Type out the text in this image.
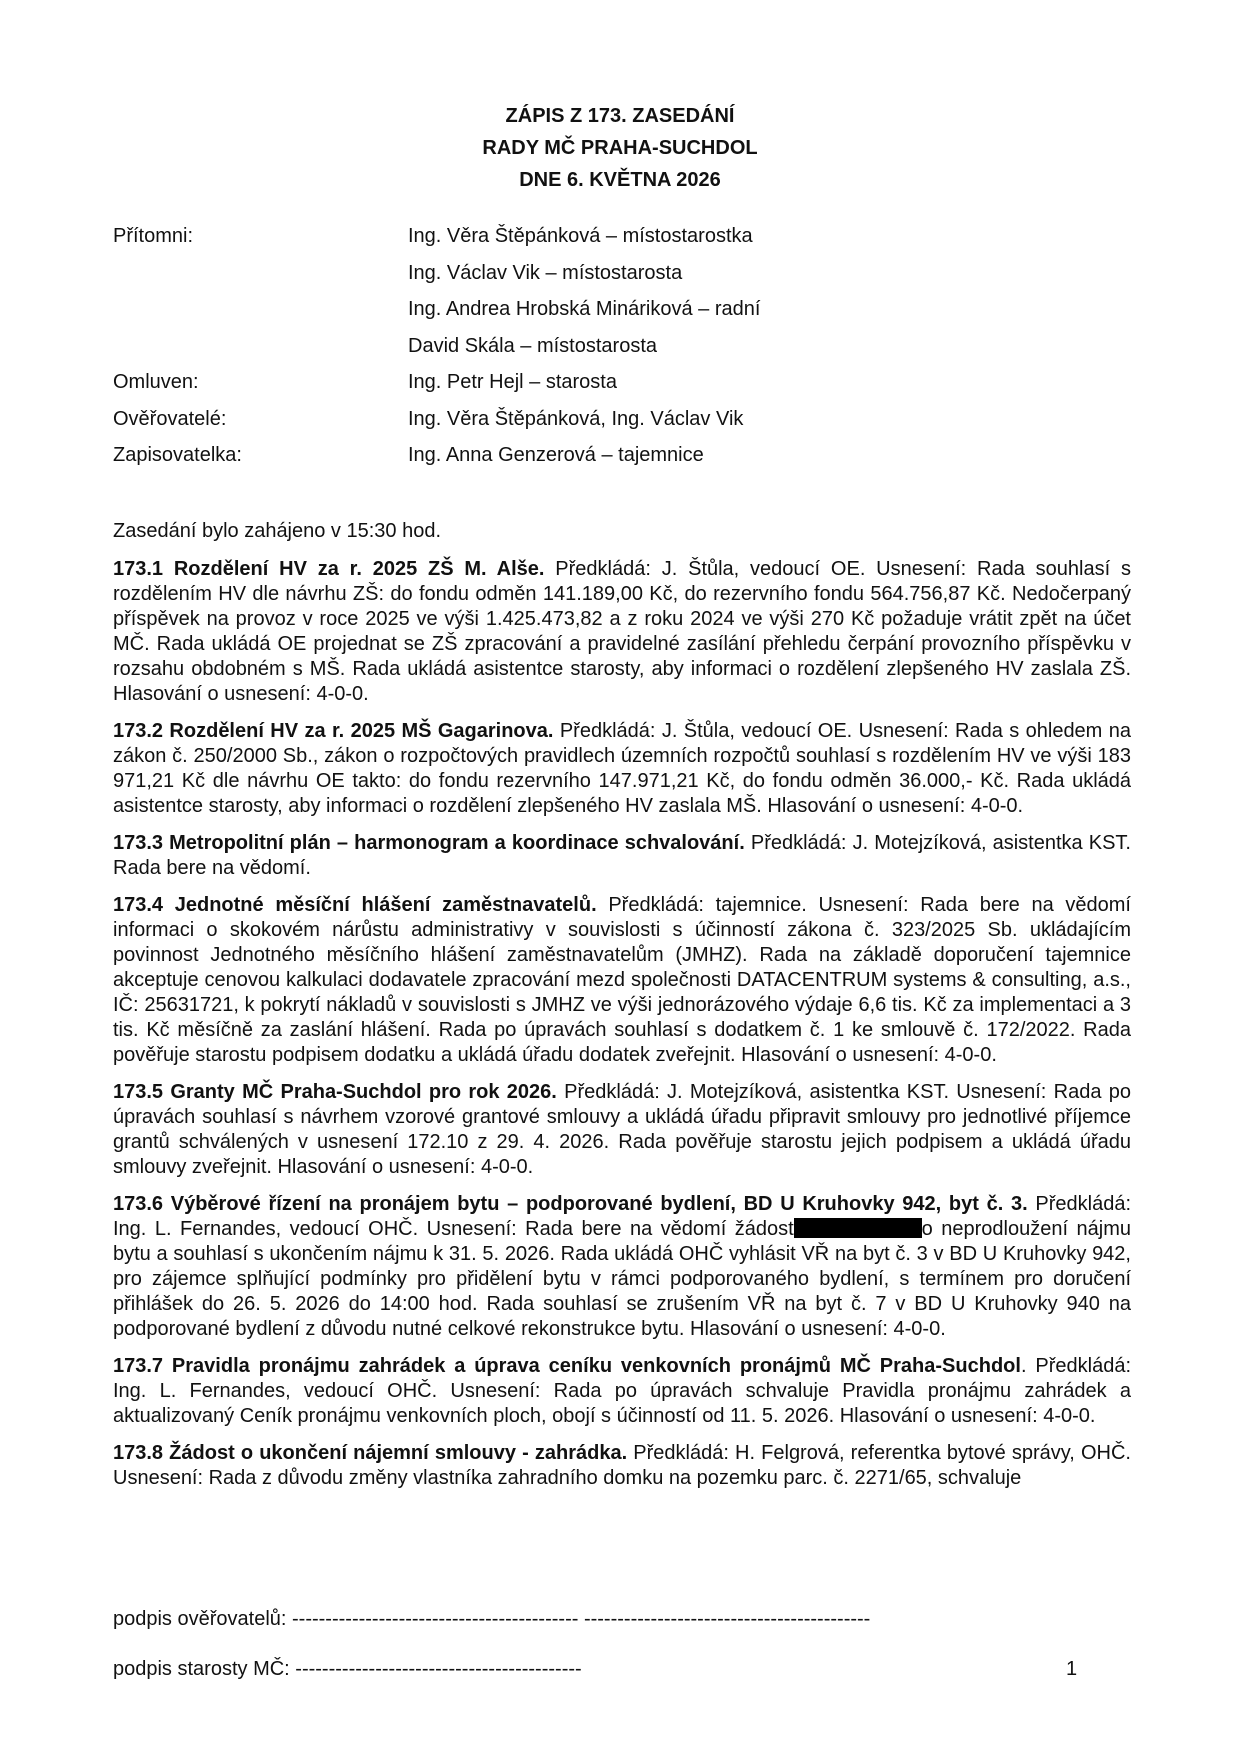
ZÁPIS Z 173. ZASEDÁNÍ
RADY MČ PRAHA-SUCHDOL
DNE 6. KVĚTNA 2026
Přítomni:	Ing. Věra Štěpánková – místostarostka
Ing. Václav Vik – místostarosta
Ing. Andrea Hrobská Mináriková – radní
David Skála – místostarosta
Omluven:	Ing. Petr Hejl – starosta
Ověřovatelé:	Ing. Věra Štěpánková, Ing. Václav Vik
Zapisovatelka:	Ing. Anna Genzerová – tajemnice
Zasedání bylo zahájeno v 15:30 hod.

173.1 Rozdělení HV za r. 2025 ZŠ M. Alše. Předkládá: J. Štůla, vedoucí OE. Usnesení: Rada souhlasí s rozdělením HV dle návrhu ZŠ: do fondu odměn 141.189,00 Kč, do rezervního fondu 564.756,87 Kč. Nedočerpaný příspěvek na provoz v roce 2025 ve výši 1.425.473,82 a z roku 2024 ve výši 270 Kč požaduje vrátit zpět na účet MČ. Rada ukládá OE projednat se ZŠ zpracování a pravidelné zasílání přehledu čerpání provozního příspěvku v rozsahu obdobném s MŠ. Rada ukládá asistentce starosty, aby informaci o rozdělení zlepšeného HV zaslala ZŠ. Hlasování o usnesení: 4-0-0.

173.2 Rozdělení HV za r. 2025 MŠ Gagarinova. Předkládá: J. Štůla, vedoucí OE. Usnesení: Rada s ohledem na zákon č. 250/2000 Sb., zákon o rozpočtových pravidlech územních rozpočtů souhlasí s rozdělením HV ve výši 183 971,21 Kč dle návrhu OE takto: do fondu rezervního 147.971,21 Kč, do fondu odměn 36.000,- Kč. Rada ukládá asistentce starosty, aby informaci o rozdělení zlepšeného HV zaslala MŠ. Hlasování o usnesení: 4-0-0.

173.3 Metropolitní plán – harmonogram a koordinace schvalování. Předkládá: J. Motejzíková, asistentka KST. Rada bere na vědomí.

173.4 Jednotné měsíční hlášení zaměstnavatelů. Předkládá: tajemnice. Usnesení: Rada bere na vědomí informaci o skokovém nárůstu administrativy v souvislosti s účinností zákona č. 323/2025 Sb. ukládajícím povinnost Jednotného měsíčního hlášení zaměstnavatelům (JMHZ). Rada na základě doporučení tajemnice akceptuje cenovou kalkulaci dodavatele zpracování mezd společnosti DATACENTRUM systems & consulting, a.s., IČ: 25631721, k pokrytí nákladů v souvislosti s JMHZ ve výši jednorázového výdaje 6,6 tis. Kč za implementaci a 3 tis. Kč měsíčně za zaslání hlášení. Rada po úpravách souhlasí s dodatkem č. 1 ke smlouvě č. 172/2022. Rada pověřuje starostu podpisem dodatku a ukládá úřadu dodatek zveřejnit. Hlasování o usnesení: 4-0-0.

173.5 Granty MČ Praha-Suchdol pro rok 2026. Předkládá: J. Motejzíková, asistentka KST. Usnesení: Rada po úpravách souhlasí s návrhem vzorové grantové smlouvy a ukládá úřadu připravit smlouvy pro jednotlivé příjemce grantů schválených v usnesení 172.10 z 29. 4. 2026. Rada pověřuje starostu jejich podpisem a ukládá úřadu smlouvy zveřejnit. Hlasování o usnesení: 4-0-0.

173.6 Výběrové řízení na pronájem bytu – podporované bydlení, BD U Kruhovky 942, byt č. 3. Předkládá: Ing. L. Fernandes, vedoucí OHČ. Usnesení: Rada bere na vědomí žádost	o neprodloužení nájmu bytu a souhlasí s ukončením nájmu k 31. 5. 2026. Rada ukládá OHČ vyhlásit VŘ na byt č. 3 v BD U Kruhovky 942, pro zájemce splňující podmínky pro přidělení bytu v rámci podporovaného bydlení, s termínem pro doručení přihlášek do 26. 5. 2026 do 14:00 hod. Rada souhlasí se zrušením VŘ na byt č. 7 v BD U Kruhovky 940 na podporované bydlení z důvodu nutné celkové rekonstrukce bytu. Hlasování o usnesení: 4-0-0.

173.7 Pravidla pronájmu zahrádek a úprava ceníku venkovních pronájmů MČ Praha-Suchdol. Předkládá: Ing. L. Fernandes, vedoucí OHČ. Usnesení: Rada po úpravách schvaluje Pravidla pronájmu zahrádek a aktualizovaný Ceník pronájmu venkovních ploch, obojí s účinností od 11. 5. 2026. Hlasování o usnesení: 4-0-0.

173.8 Žádost o ukončení nájemní smlouvy - zahrádka. Předkládá: H. Felgrová, referentka bytové správy, OHČ. Usnesení: Rada z důvodu změny vlastníka zahradního domku na pozemku parc. č. 2271/65, schvaluje

podpis ověřovatelů: ------------------------------------------- -------------------------------------------
podpis starosty MČ: -------------------------------------------	1
